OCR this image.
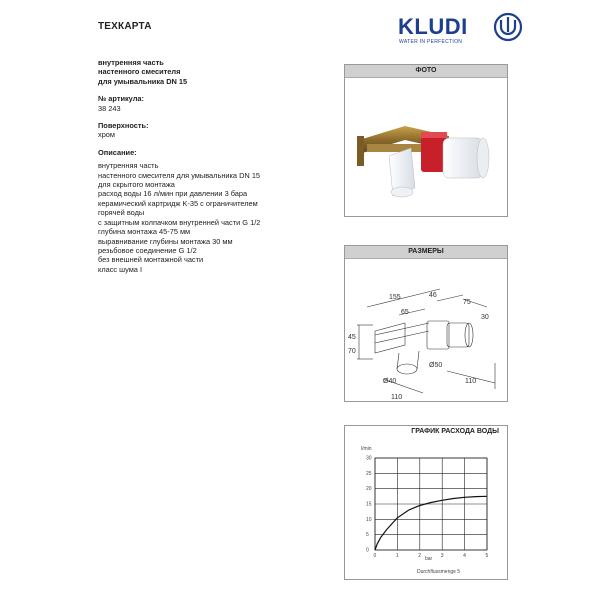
ТЕХКАРТА	KLUDI
WATER IN PERFECTION
внутренняя часть
настенного смесителя
для умывальника DN 15
№ артикула:
38 243
Поверхность:
хром
Описание:
внутренняя часть
настенного смесителя для умывальника DN 15
для скрытого монтажа
расход воды 16 л/мин при давлении 3 бара
керамический картридж K-35 с ограничителем
горячей воды
с защитным колпачком внутренней части G 1/2
глубина монтажа 45-75 мм
выравнивание глубины монтажа 30 мм
резьбовое соединение G 1/2
без внешней монтажной части
класс шума I
ФОТО
РАЗМЕРЫ
155
65
46
75
30
45
70
Ø50
Ø40
110
110
ГРАФИК РАСХОДА ВОДЫ
l/min
bar
Durchflussmenge 5
0	1	2	3	4	5
0
5
10
15
20
25
30
